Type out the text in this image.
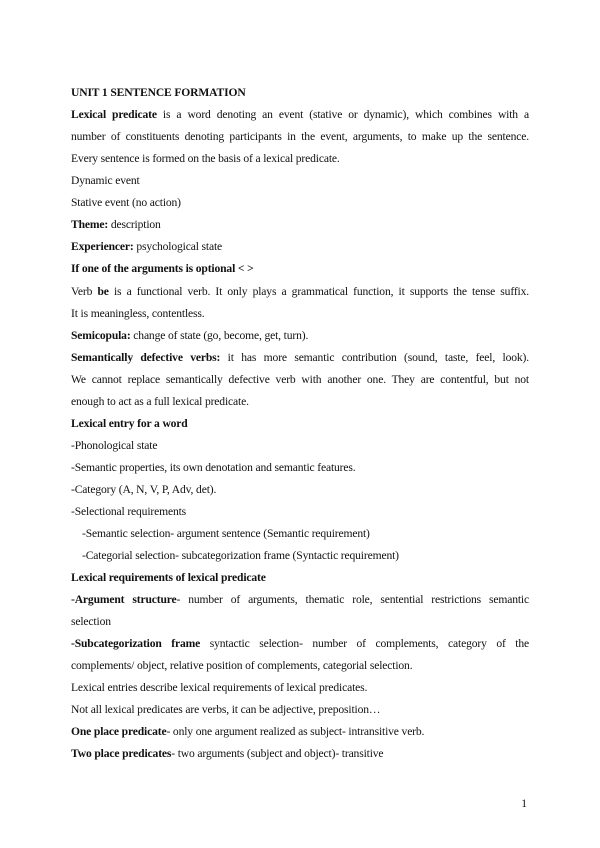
UNIT 1 SENTENCE FORMATION
Lexical predicate is a word denoting an event (stative or dynamic), which combines with a
number of constituents denoting participants in the event, arguments, to make up the sentence.
Every sentence is formed on the basis of a lexical predicate.
Dynamic event
Stative event (no action)
Theme: description
Experiencer: psychological state
If one of the arguments is optional < >
Verb be is a functional verb. It only plays a grammatical function, it supports the tense suffix.
It is meaningless, contentless.
Semicopula: change of state (go, become, get, turn).
Semantically defective verbs: it has more semantic contribution (sound, taste, feel, look).
We cannot replace semantically defective verb with another one. They are contentful, but not
enough to act as a full lexical predicate.
Lexical entry for a word
-Phonological state
-Semantic properties, its own denotation and semantic features.
-Category (A, N, V, P, Adv, det).
-Selectional requirements
-Semantic selection- argument sentence (Semantic requirement)
-Categorial selection- subcategorization frame (Syntactic requirement)
Lexical requirements of lexical predicate
-Argument structure- number of arguments, thematic role, sentential restrictions semantic
selection
-Subcategorization frame syntactic selection- number of complements, category of the
complements/ object, relative position of complements, categorial selection.
Lexical entries describe lexical requirements of lexical predicates.
Not all lexical predicates are verbs, it can be adjective, preposition…
One place predicate- only one argument realized as subject- intransitive verb.
Two place predicates- two arguments (subject and object)- transitive
1
